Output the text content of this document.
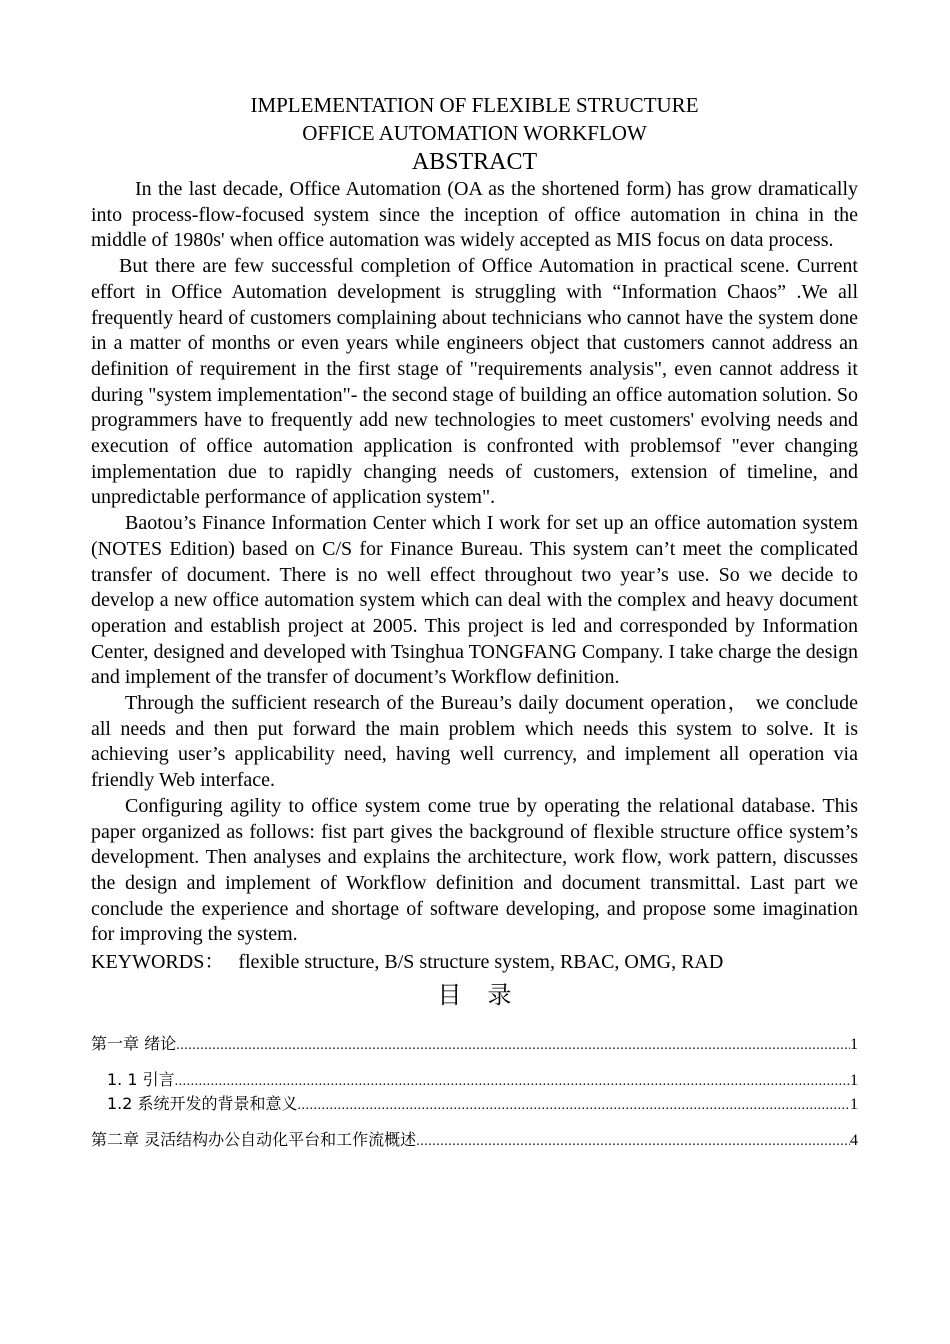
IMPLEMENTATION OF FLEXIBLE STRUCTURE

OFFICE AUTOMATION WORKFLOW

ABSTRACT

In the last decade, Office Automation (OA as the shortened form) has grow dramatically into process-flow-focused system since the inception of office automation in china in the middle of 1980s' when office automation was widely accepted as MIS focus on data process.

But there are few successful completion of Office Automation in practical scene. Current effort in Office Automation development is struggling with “Information Chaos” .We all frequently heard of customers complaining about technicians who cannot have the system done in a matter of months or even years while engineers object that customers cannot address an definition of requirement in the first stage of "requirements analysis", even cannot address it during "system implementation"- the second stage of building an office automation solution. So programmers have to frequently add new technologies to meet customers' evolving needs and execution of office automation application is confronted with problemsof "ever changing implementation due to rapidly changing needs of customers, extension of timeline, and unpredictable performance of application system".

Baotou’s Finance Information Center which I work for set up an office automation system (NOTES Edition) based on C/S for Finance Bureau. This system can’t meet the complicated transfer of document. There is no well effect throughout two year’s use. So we decide to develop a new office automation system which can deal with the complex and heavy document operation and establish project at 2005. This project is led and corresponded by Information Center, designed and developed with Tsinghua TONGFANG Company. I take charge the design and implement of the transfer of document’s Workflow definition.

Through the sufficient research of the Bureau’s daily document operation， we conclude all needs and then put forward the main problem which needs this system to solve. It is achieving user’s applicability need, having well currency, and implement all operation via friendly Web interface.

Configuring agility to office system come true by operating the relational database. This paper organized as follows: fist part gives the background of flexible structure office system’s development. Then analyses and explains the architecture, work flow, work pattern, discusses the design and implement of Workflow definition and document transmittal. Last part we conclude the experience and shortage of software developing, and propose some imagination for improving the system.

KEYWORDS： flexible structure, B/S structure system, RBAC, OMG, RAD

目录

第一章 绪论 .....	1
1. 1 引言 .....	1
1.2 系统开发的背景和意义 .....	1
第二章 灵活结构办公自动化平台和工作流概述 .....	4
